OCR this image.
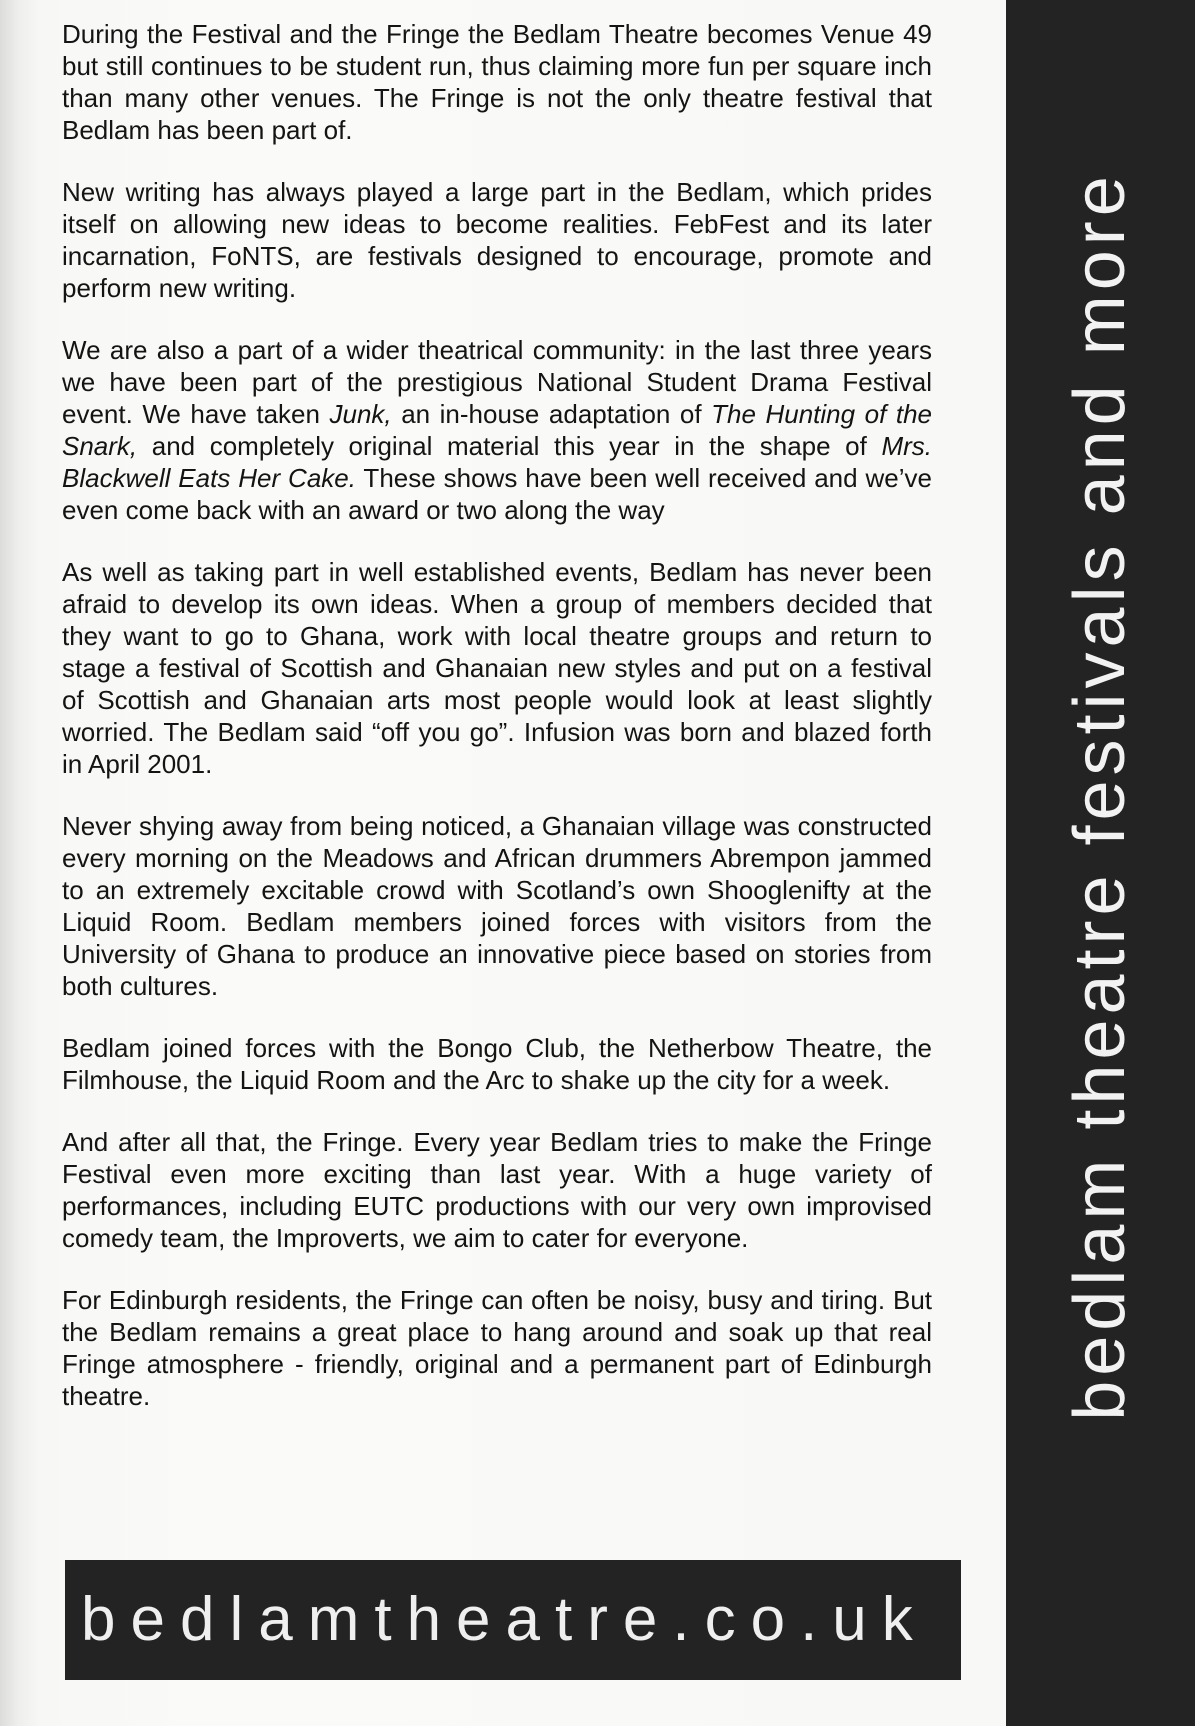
During the Festival and the Fringe the Bedlam Theatre becomes Venue 49 but still continues to be student run, thus claiming more fun per square inch than many other venues. The Fringe is not the only theatre festival that Bedlam has been part of.

New writing has always played a large part in the Bedlam, which prides itself on allowing new ideas to become realities. FebFest and its later incarnation, FoNTS, are festivals designed to encourage, promote and perform new writing.

We are also a part of a wider theatrical community: in the last three years we have been part of the prestigious National Student Drama Festival event. We have taken Junk, an in-house adaptation of The Hunting of the Snark, and completely original material this year in the shape of Mrs. Blackwell Eats Her Cake. These shows have been well received and we’ve even come back with an award or two along the way

As well as taking part in well established events, Bedlam has never been afraid to develop its own ideas. When a group of members decided that they want to go to Ghana, work with local theatre groups and return to stage a festival of Scottish and Ghanaian new styles and put on a festival of Scottish and Ghanaian arts most people would look at least slightly worried. The Bedlam said “off you go”. Infusion was born and blazed forth in April 2001.

Never shying away from being noticed, a Ghanaian village was constructed every morning on the Meadows and African drummers Abrempon jammed to an extremely excitable crowd with Scotland’s own Shooglenifty at the Liquid Room. Bedlam members joined forces with visitors from the University of Ghana to produce an innovative piece based on stories from both cultures.

Bedlam joined forces with the Bongo Club, the Netherbow Theatre, the Filmhouse, the Liquid Room and the Arc to shake up the city for a week.

And after all that, the Fringe. Every year Bedlam tries to make the Fringe Festival even more exciting than last year. With a huge variety of performances, including EUTC productions with our very own improvised comedy team, the Improverts, we aim to cater for everyone.

For Edinburgh residents, the Fringe can often be noisy, busy and tiring. But the Bedlam remains a great place to hang around and soak up that real Fringe atmosphere - friendly, original and a permanent part of Edinburgh theatre.	bedlam theatre festivals and more
bedlamtheatre.co.uk
